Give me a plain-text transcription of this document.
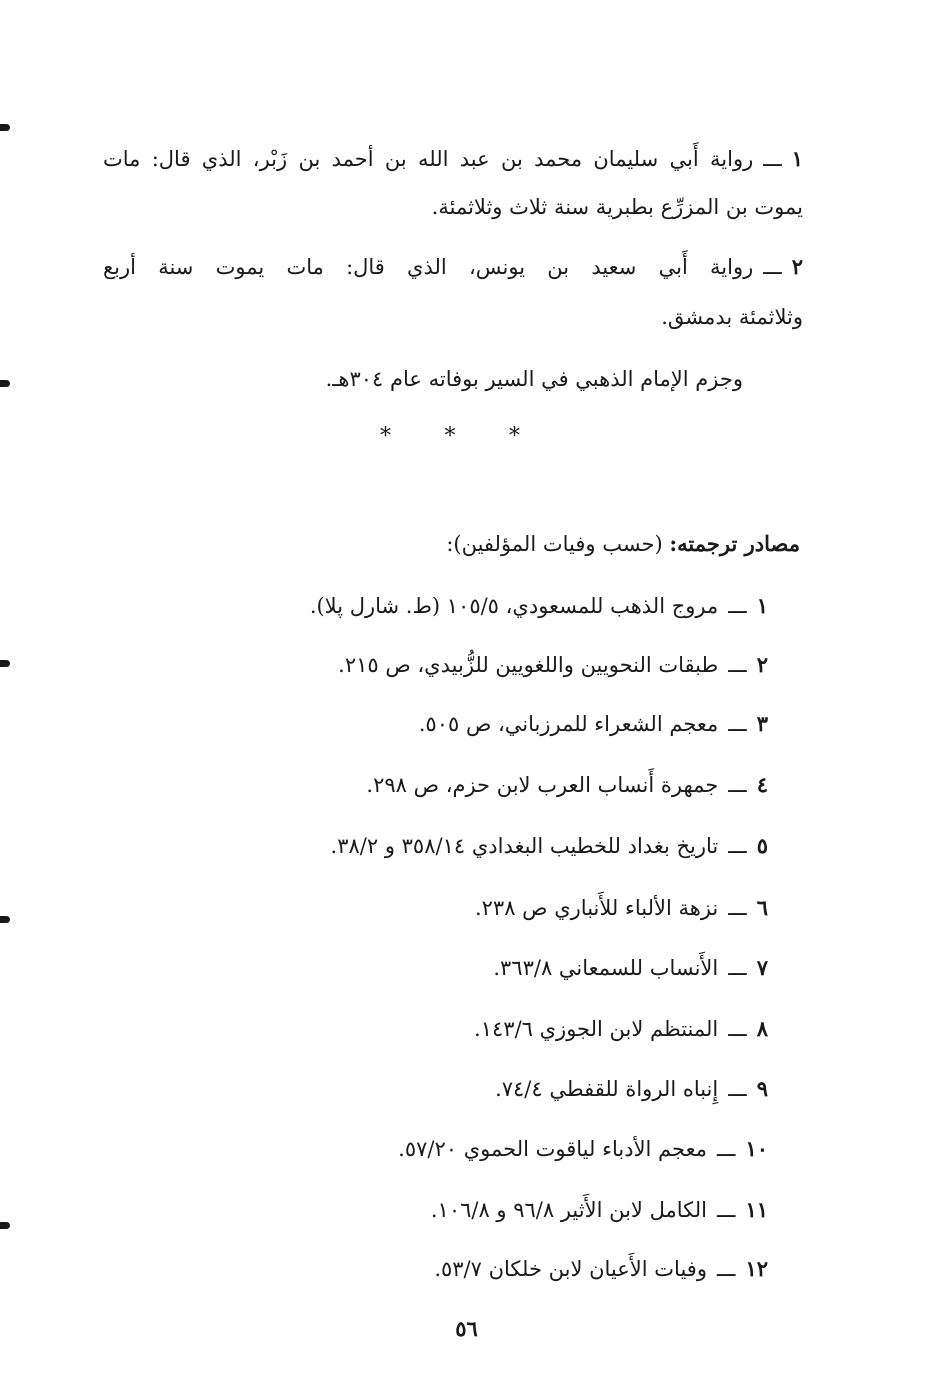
١ـــرواية أَبي سليمان محمد بن عبد الله بن أحمد بن زَبْر، الذي قال: مات
يموت بن المزرِّع بطبرية سنة ثلاث وثلاثمئة.
٢ـــرواية أَبي سعيد بن يونس، الذي قال: مات يموت سنة أربع
وثلاثمئة بدمشق.
وجزم الإمام الذهبي في السير بوفاته عام ٣٠٤هـ.
* * *
مصادر ترجمته: (حسب وفيات المؤلفين):
١ـــمروج الذهب للمسعودي، ١٠٥/٥ (ط. شارل پلا).
٢ـــطبقات النحويين واللغويين للزُّبيدي، ص ٢١٥.
٣ـــمعجم الشعراء للمرزباني، ص ٥٠٥.
٤ـــجمهرة أَنساب العرب لابن حزم، ص ٢٩٨.
٥ـــتاريخ بغداد للخطيب البغدادي ٣٥٨/١٤ و ٣٨/٢.
٦ـــنزهة الألباء للأَنباري ص ٢٣٨.
٧ـــالأَنساب للسمعاني ٣٦٣/٨.
٨ـــالمنتظم لابن الجوزي ١٤٣/٦.
٩ـــإِنباه الرواة للقفطي ٧٤/٤.
١٠ـــمعجم الأدباء لياقوت الحموي ٥٧/٢٠.
١١ـــالكامل لابن الأَثير ٩٦/٨ و ١٠٦/٨.
١٢ـــوفيات الأَعيان لابن خلكان ٥٣/٧.
٥٦
